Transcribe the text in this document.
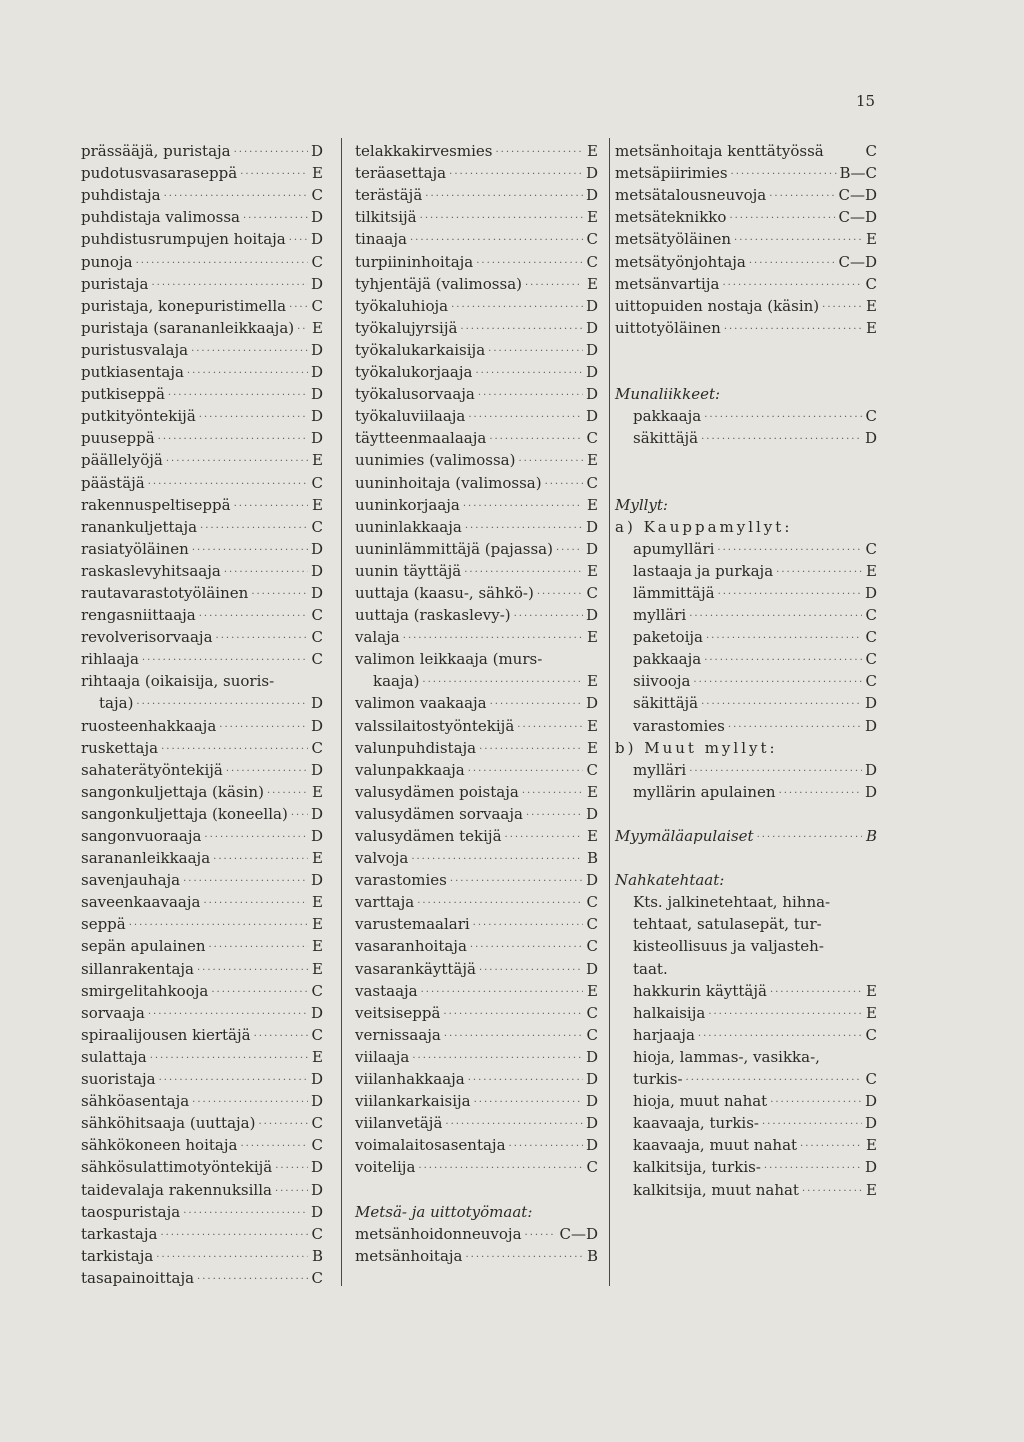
15
prässääjä, puristaja .....	D
pudotusvasaraseppä .....	E
puhdistaja .....	C
puhdistaja valimossa .....	D
puhdistusrumpujen hoitaja ..... D
punoja .....	C
puristaja .....	D
puristaja, konepuristimella ..... C
puristaja (sarananleikkaaja) ..... E
puristusvalaja .....	D
putkiasentaja .....	D
putkiseppä .....	D
putkityöntekijä .....	D
puuseppä .....	D
päällelyöjä .....	E
päästäjä .....	C
rakennuspeltiseppä .....	E
ranankuljettaja .....	C
rasiatyöläinen .....	D
raskaslevyhitsaaja .....	D
rautavarastotyöläinen .....	D
rengasniittaaja .....	C
revolverisorvaaja .....	C
rihlaaja .....	C
rihtaaja (oikaisija, suoris-
taja) .....	D
ruosteenhakkaaja .....	D
ruskettaja .....	C
sahaterätyöntekijä .....	D
sangonkuljettaja (käsin) .....	E
sangonkuljettaja (koneella) ..... D
sangonvuoraaja .....	D
sarananleikkaaja .....	E
savenjauhaja .....	D
saveenkaavaaja .....	E
seppä .....	E
sepän apulainen .....	E
sillanrakentaja .....	E
smirgelitahkooja .....	C
sorvaaja .....	D
spiraalijousen kiertäjä .....	C
sulattaja .....	E
suoristaja .....	D
sähköasentaja .....	D
sähköhitsaaja (uuttaja) .....	C
sähkökoneen hoitaja .....	C
sähkösulattimotyöntekijä .....	D
taidevalaja rakennuksilla .....	D
taospuristaja .....	D
tarkastaja .....	C
tarkistaja .....	B
tasapainoittaja .....	C
telakkakirvesmies .....	E
teräasettaja .....	D
terästäjä .....	D
tilkitsijä .....	E
tinaaja .....	C
turpiininhoitaja .....	C
tyhjentäjä (valimossa) .....	E
työkaluhioja .....	D
työkalujyrsijä .....	D
työkalukarkaisija .....	D
työkalukorjaaja .....	D
työkalusorvaaja .....	D
työkaluviilaaja .....	D
täytteenmaalaaja .....	C
uunimies (valimossa) .....	E
uuninhoitaja (valimossa) .....	C
uuninkorjaaja .....	E
uuninlakkaaja .....	D
uuninlämmittäjä (pajassa) ..... D
uunin täyttäjä .....	E
uuttaja (kaasu-, sähkö-) .....	C
uuttaja (raskaslevy-) .....	D
valaja .....	E
valimon leikkaaja (murs-
kaaja) .....	E
valimon vaakaaja .....	D
valssilaitostyöntekijä .....	E
valunpuhdistaja .....	E
valunpakkaaja .....	C
valusydämen poistaja .....	E
valusydämen sorvaaja .....	D
valusydämen tekijä .....	E
valvoja .....	B
varastomies .....	D
varttaja .....	C
varustemaalari .....	C
vasaranhoitaja .....	C
vasarankäyttäjä .....	D
vastaaja .....	E
veitsiseppä .....	C
vernissaaja .....	C
viilaaja .....	D
viilanhakkaaja .....	D
viilankarkaisija .....	D
viilanvetäjä .....	D
voimalaitosasentaja .....	D
voitelija .....	C
Metsä- ja uittotyömaat:
metsänhoidonneuvoja .....	C—D
metsänhoitaja .....	B
metsänhoitaja kenttätyössä	C
metsäpiirimies .....	B—C
metsätalousneuvoja .....	C—D
metsäteknikko .....	C—D
metsätyöläinen .....	E
metsätyönjohtaja .....	C—D
metsänvartija .....	C
uittopuiden nostaja (käsin) .....	E
uittotyöläinen .....	E
Munaliikkeet:
pakkaaja .....	C
säkittäjä .....	D
Myllyt:
a) Kauppamyllyt:
apumylläri .....	C
lastaaja ja purkaja .....	E
lämmittäjä .....	D
mylläri .....	C
paketoija .....	C
pakkaaja .....	C
siivooja .....	C
säkittäjä .....	D
varastomies .....	D
b) Muut myllyt:
mylläri .....	D
myllärin apulainen .....	D
Myymäläapulaiset .....	B
Nahkatehtaat:
Kts. jalkinetehtaat, hihna-
tehtaat, satulasepät, tur-
kisteollisuus ja valjasteh-
taat.
hakkurin käyttäjä .....	E
halkaisija .....	E
harjaaja .....	C
hioja, lammas-, vasikka-,
turkis- .....	C
hioja, muut nahat .....	D
kaavaaja, turkis- .....	D
kaavaaja, muut nahat .....	E
kalkitsija, turkis- .....	D
kalkitsija, muut nahat .....	E
